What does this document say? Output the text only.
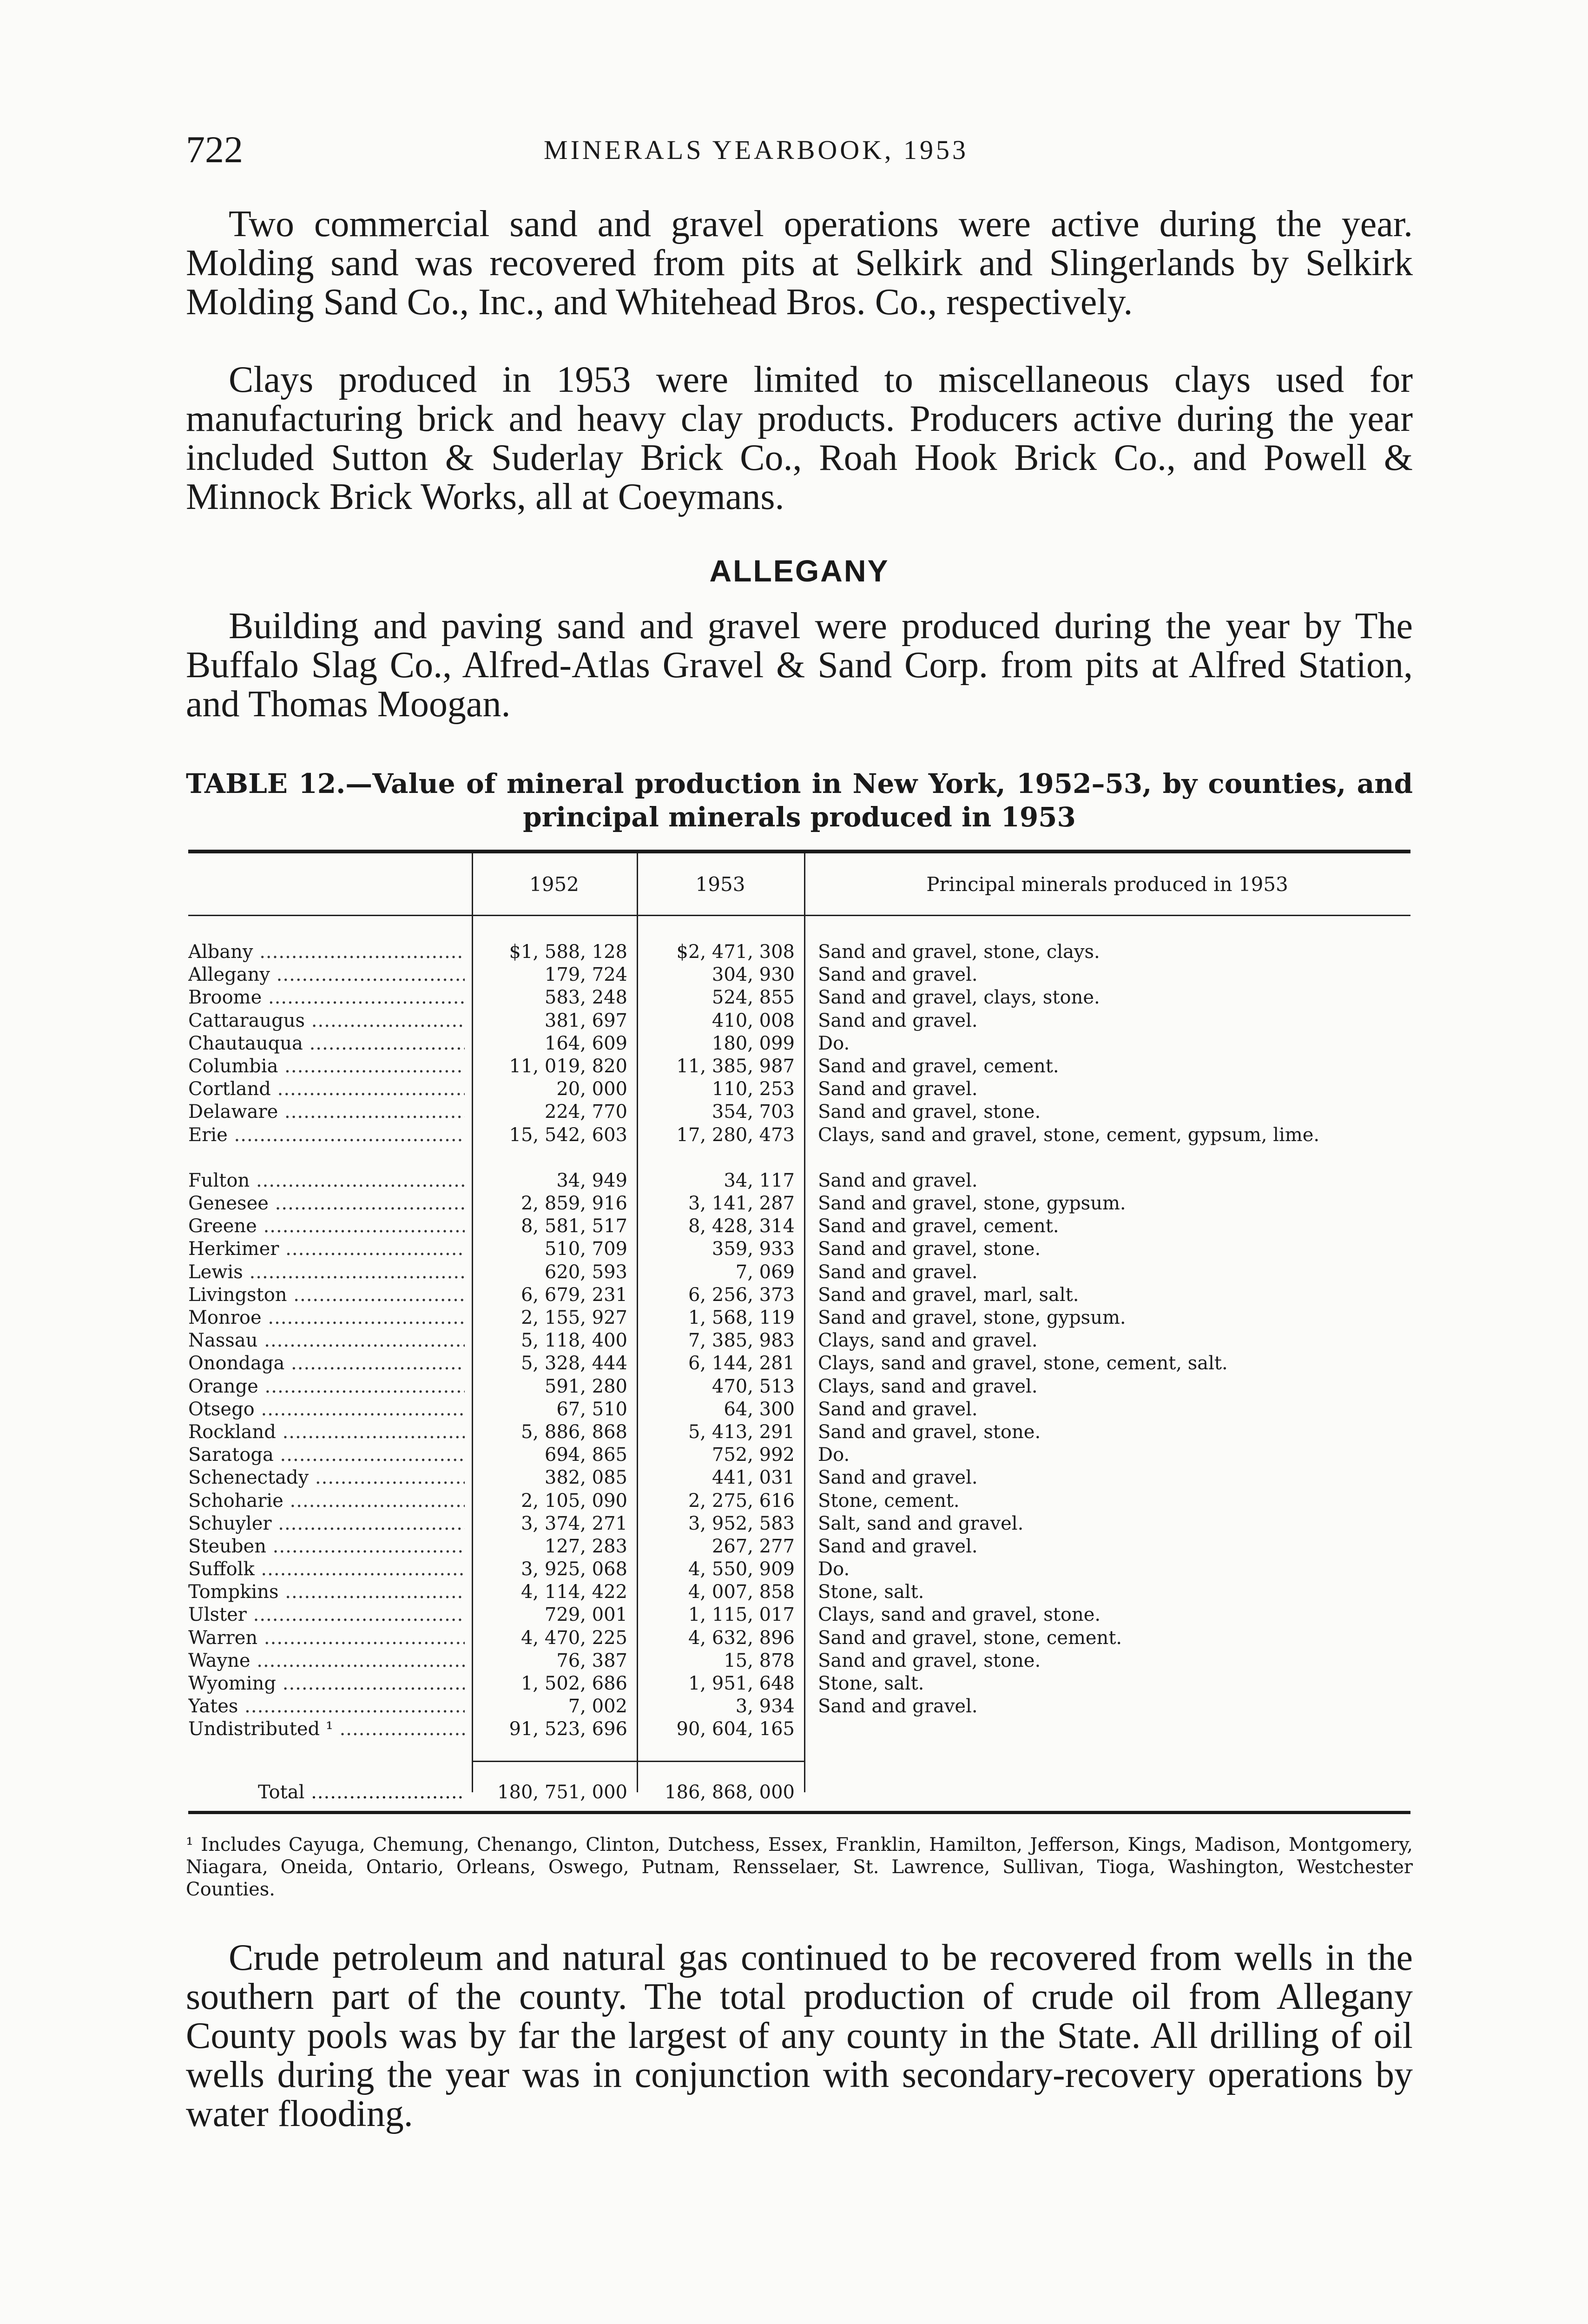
722	MINERALS YEARBOOK, 1953

Two commercial sand and gravel operations were active during the year. Molding sand was recovered from pits at Selkirk and Slingerlands by Selkirk Molding Sand Co., Inc., and Whitehead Bros. Co., respectively.

Clays produced in 1953 were limited to miscellaneous clays used for manufacturing brick and heavy clay products. Producers active during the year included Sutton & Suderlay Brick Co., Roah Hook Brick Co., and Powell & Minnock Brick Works, all at Coeymans.

ALLEGANY

Building and paving sand and gravel were produced during the year by The Buffalo Slag Co., Alfred-Atlas Gravel & Sand Corp. from pits at Alfred Station, and Thomas Moogan.

TABLE 12.—Value of mineral production in New York, 1952–53, by counties, and principal minerals produced in 1953

1952	1953	Principal minerals produced in 1953
Albany .....	$1, 588, 128	$2, 471, 308 Sand and gravel, stone, clays.
Allegany .....	179, 724	304, 930 Sand and gravel.
Broome .....	583, 248	524, 855 Sand and gravel, clays, stone.
Cattaraugus .....	381, 697	410, 008 Sand and gravel.
Chautauqua .....	164, 609	180, 099 Do.
Columbia .....	11, 019, 820	11, 385, 987 Sand and gravel, cement.
Cortland .....	20, 000	110, 253 Sand and gravel.
Delaware .....	224, 770	354, 703 Sand and gravel, stone.
Erie .....	15, 542, 603	17, 280, 473 Clays, sand and gravel, stone, cement, gypsum, lime.
Fulton .....	34, 949	34, 117 Sand and gravel.
Genesee .....	2, 859, 916	3, 141, 287 Sand and gravel, stone, gypsum.
Greene .....	8, 581, 517	8, 428, 314 Sand and gravel, cement.
Herkimer .....	510, 709	359, 933 Sand and gravel, stone.
Lewis .....	620, 593	7, 069 Sand and gravel.
Livingston .....	6, 679, 231	6, 256, 373 Sand and gravel, marl, salt.
Monroe .....	2, 155, 927	1, 568, 119 Sand and gravel, stone, gypsum.
Nassau .....	5, 118, 400	7, 385, 983 Clays, sand and gravel.
Onondaga .....	5, 328, 444	6, 144, 281 Clays, sand and gravel, stone, cement, salt.
Orange .....	591, 280	470, 513 Clays, sand and gravel.
Otsego .....	67, 510	64, 300 Sand and gravel.
Rockland .....	5, 886, 868	5, 413, 291 Sand and gravel, stone.
Saratoga .....	694, 865	752, 992 Do.
Schenectady .....	382, 085	441, 031 Sand and gravel.
Schoharie .....	2, 105, 090	2, 275, 616 Stone, cement.
Schuyler .....	3, 374, 271	3, 952, 583 Salt, sand and gravel.
Steuben .....	127, 283	267, 277 Sand and gravel.
Suffolk .....	3, 925, 068	4, 550, 909 Do.
Tompkins .....	4, 114, 422	4, 007, 858 Stone, salt.
Ulster .....	729, 001	1, 115, 017 Clays, sand and gravel, stone.
Warren .....	4, 470, 225	4, 632, 896 Sand and gravel, stone, cement.
Wayne .....	76, 387	15, 878 Sand and gravel, stone.
Wyoming .....	1, 502, 686	1, 951, 648 Stone, salt.
Yates .....	7, 002	3, 934 Sand and gravel.
Undistributed ¹ .....	91, 523, 696	90, 604, 165
Total .....	180, 751, 000	186, 868, 000

¹ Includes Cayuga, Chemung, Chenango, Clinton, Dutchess, Essex, Franklin, Hamilton, Jefferson, Kings, Madison, Montgomery, Niagara, Oneida, Ontario, Orleans, Oswego, Putnam, Rensselaer, St. Lawrence, Sullivan, Tioga, Washington, Westchester Counties.

Crude petroleum and natural gas continued to be recovered from wells in the southern part of the county. The total production of crude oil from Allegany County pools was by far the largest of any county in the State. All drilling of oil wells during the year was in conjunction with secondary-recovery operations by water flooding.
